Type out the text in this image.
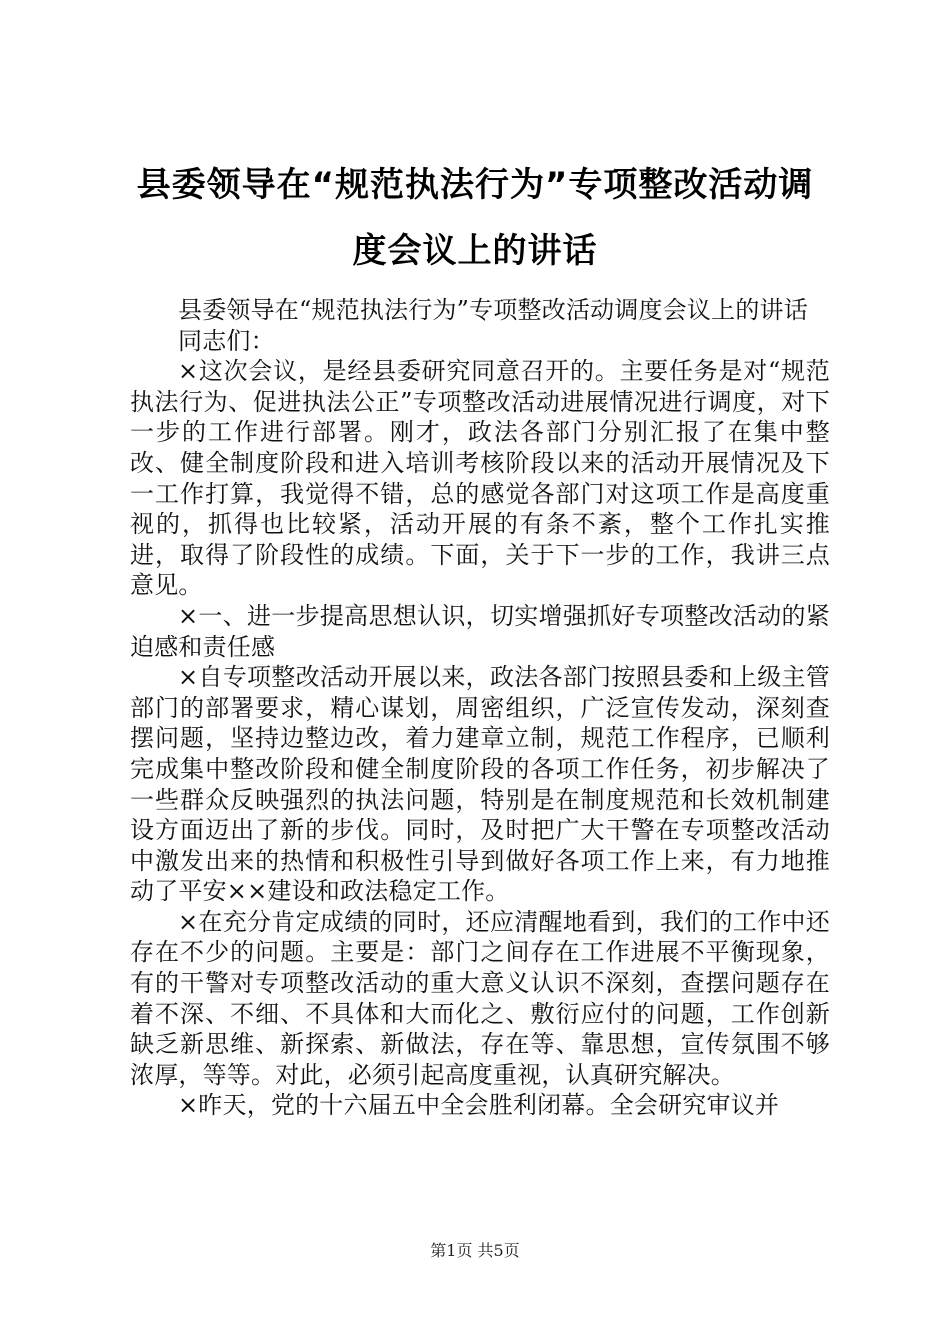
县委领导在“规范执法行为”专项整改活动调
度会议上的讲话

县委领导在“规范执法行为”专项整改活动调度会议上的讲话

同志们：

×这次会议，是经县委研究同意召开的。主要任务是对“规范执法行为、促进执法公正”专项整改活动进展情况进行调度，对下一步的工作进行部署。刚才，政法各部门分别汇报了在集中整改、健全制度阶段和进入培训考核阶段以来的活动开展情况及下一工作打算，我觉得不错，总的感觉各部门对这项工作是高度重视的，抓得也比较紧，活动开展的有条不紊，整个工作扎实推进，取得了阶段性的成绩。下面，关于下一步的工作，我讲三点意见。

×一、进一步提高思想认识，切实增强抓好专项整改活动的紧迫感和责任感

×自专项整改活动开展以来，政法各部门按照县委和上级主管部门的部署要求，精心谋划，周密组织，广泛宣传发动，深刻查摆问题，坚持边整边改，着力建章立制，规范工作程序，已顺利完成集中整改阶段和健全制度阶段的各项工作任务，初步解决了一些群众反映强烈的执法问题，特别是在制度规范和长效机制建设方面迈出了新的步伐。同时，及时把广大干警在专项整改活动中激发出来的热情和积极性引导到做好各项工作上来，有力地推动了平安××建设和政法稳定工作。

×在充分肯定成绩的同时，还应清醒地看到，我们的工作中还存在不少的问题。主要是：部门之间存在工作进展不平衡现象，有的干警对专项整改活动的重大意义认识不深刻，查摆问题存在着不深、不细、不具体和大而化之、敷衍应付的问题，工作创新缺乏新思维、新探索、新做法，存在等、靠思想，宣传氛围不够浓厚，等等。对此，必须引起高度重视，认真研究解决。

×昨天，党的十六届五中全会胜利闭幕。全会研究审议并

第1页 共5页
